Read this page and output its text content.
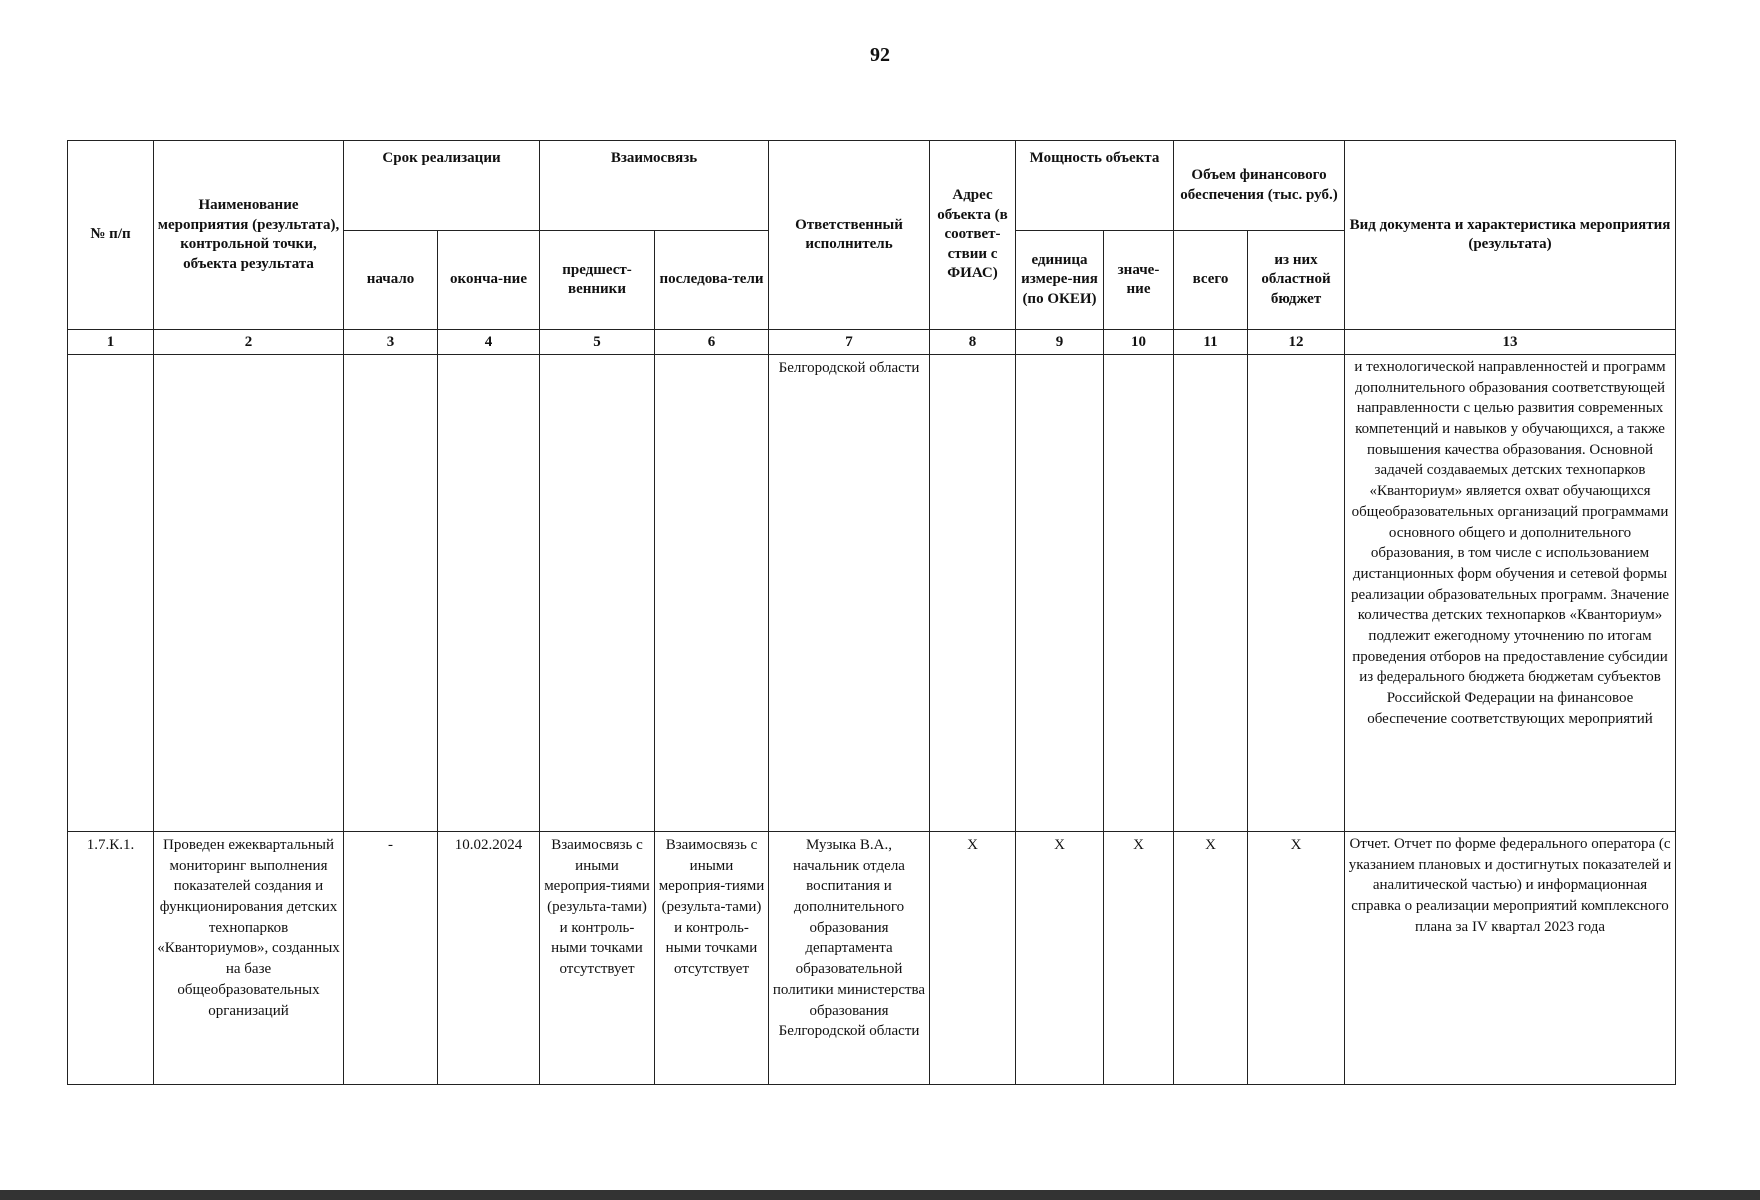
92
№ п/п	Наименование мероприятия (результата), контрольной точки, объекта результата	Срок реализации		Взаимосвязь		Ответственный исполнитель	Адрес объекта (в соответ-ствии с ФИАС)	Мощность объекта		Объем финансового обеспечения (тыс. руб.)		Вид документа и характеристика мероприятия (результата)
		начало	оконча-ние	предшест-венники	последова-тели			единица измере-ния (по ОКЕИ)	значе-ние	всего	из них областной бюджет	
1	2	3	4	5	6	7	8	9	10	11	12	13
						Белгородской области						и технологической направленностей и программ дополнительного образования соответствующей направленности с целью развития современных компетенций и навыков у обучающихся, а также повышения качества образования. Основной задачей создаваемых детских технопарков «Кванториум» является охват обучающихся общеобразовательных организаций программами основного общего и дополнительного образования, в том числе с использованием дистанционных форм обучения и сетевой формы реализации образовательных программ. Значение количества детских технопарков «Кванториум» подлежит ежегодному уточнению по итогам проведения отборов на предоставление субсидии из федерального бюджета бюджетам субъектов Российской Федерации на финансовое обеспечение соответствующих мероприятий
1.7.К.1.	Проведен ежеквартальный мониторинг выполнения показателей создания и функционирования детских технопарков «Кванториумов», созданных на базе общеобразовательных организаций	-	10.02.2024	Взаимосвязь с иными мероприя-тиями (результа-тами) и контроль-ными точками отсутствует	Взаимосвязь с иными мероприя-тиями (результа-тами) и контроль-ными точками отсутствует	Музыка В.А., начальник отдела воспитания и дополнительного образования департамента образовательной политики министерства образования Белгородской области	X	X	X	X	X	Отчет. Отчет по форме федерального оператора (с указанием плановых и достигнутых показателей и аналитической частью) и информационная справка о реализации мероприятий комплексного плана за IV квартал 2023 года
